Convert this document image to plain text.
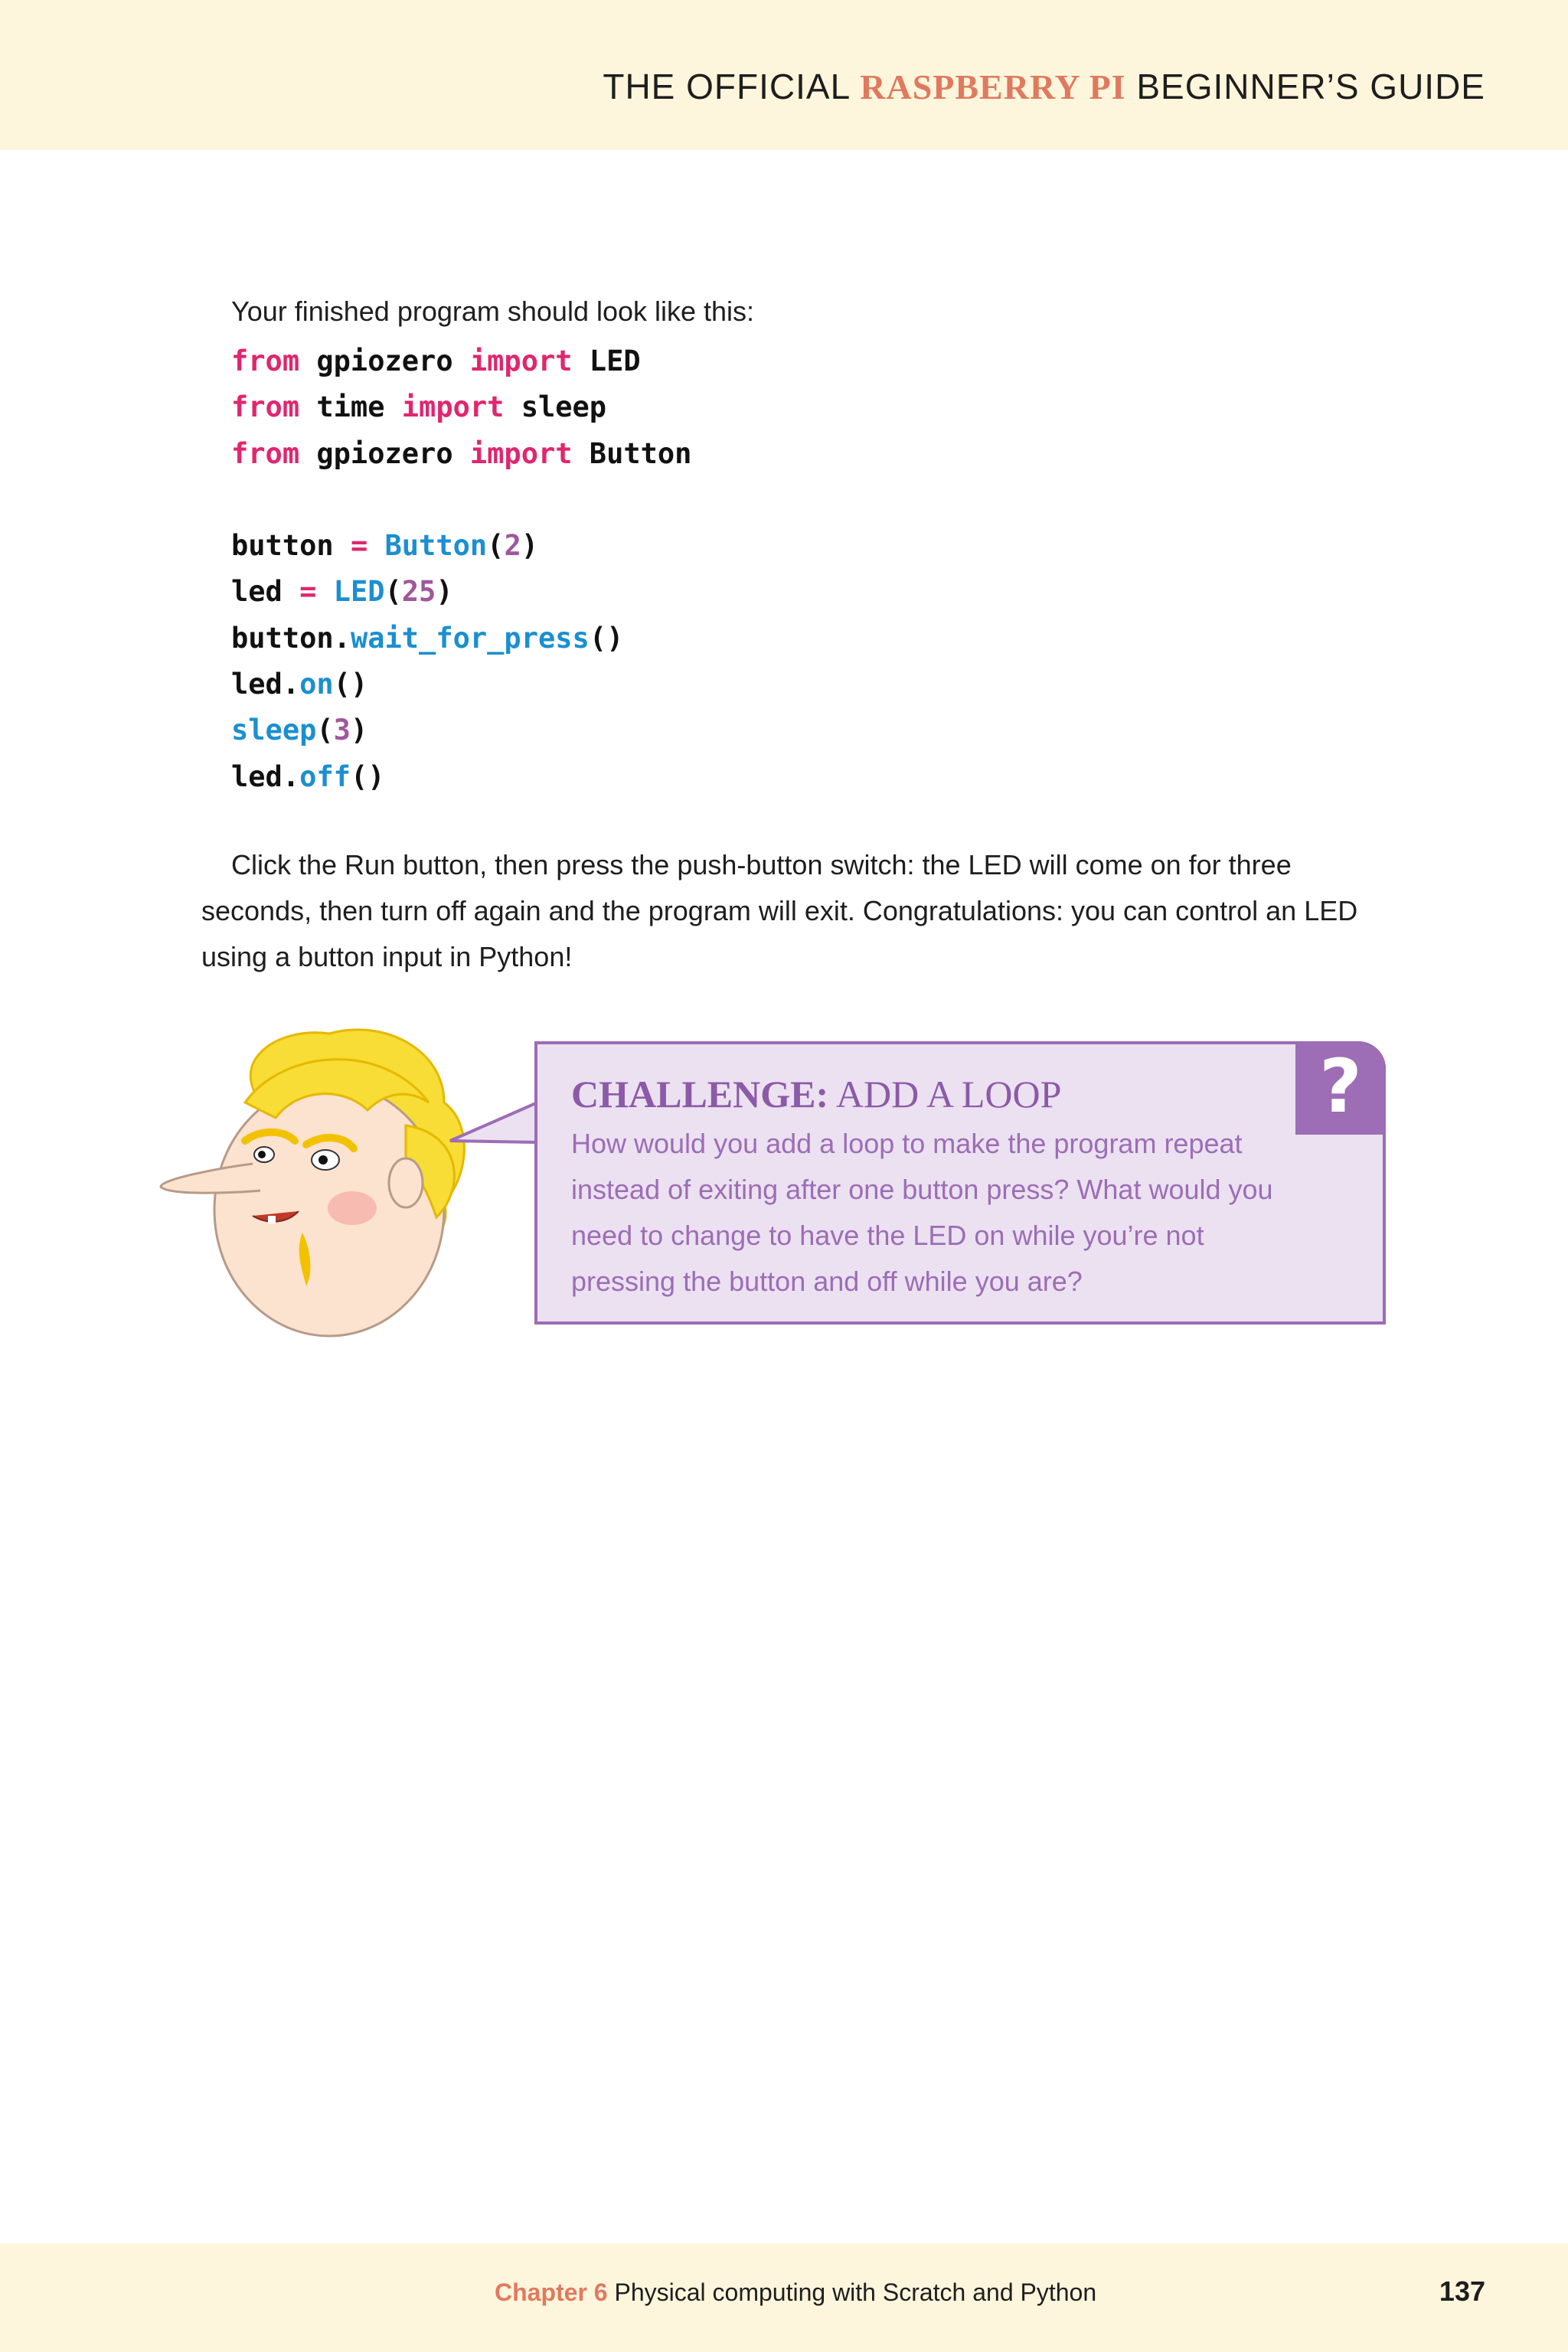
THE OFFICIAL RASPBERRY PI BEGINNER’S GUIDE
Your finished program should look like this:
from gpiozero import LED
from time import sleep
from gpiozero import Button
button = Button(2)
led = LED(25)
button.wait_for_press()
led.on()
sleep(3)
led.off()

Click the Run button, then press the push-button switch: the LED will come on for three seconds, then turn off again and the program will exit. Congratulations: you can control an LED using a button input in Python!

?
CHALLENGE: ADD A LOOP
How would you add a loop to make the program repeat instead of exiting after one button press? What would you need to change to have the LED on while you’re not pressing the button and off while you are?
Chapter 6 Physical computing with Scratch and Python	137
